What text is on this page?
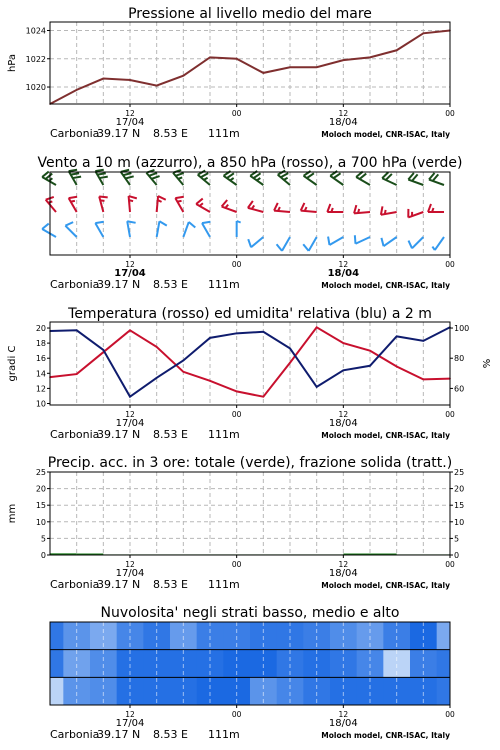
Pressione al livello medio del mare
1020
1022
1024
hPa
12	00	12	00
17/04	18/04
Carbonia
39.17 N 8.53 E 111m	Moloch model, CNR-ISAC, Italy
Vento a 10 m (azzurro), a 850 hPa (rosso), a 700 hPa (verde)
12	00	12	00
17/04	18/04
Carbonia
39.17 N 8.53 E 111m	Moloch model, CNR-ISAC, Italy
Temperatura (rosso) ed umidita' relativa (blu) a 2 m
10
12
14
16
18
20
60
80
100
gradi C	%
12	00	12	00
17/04	18/04
Carbonia
39.17 N 8.53 E 111m	Moloch model, CNR-ISAC, Italy
Precip. acc. in 3 ore: totale (verde), frazione solida (tratt.)
0	0
5	5
10	10
15	15
20	20
25	25
mm
12	00	12	00
17/04	18/04
Carbonia
39.17 N 8.53 E 111m	Moloch model, CNR-ISAC, Italy
Nuvolosita' negli strati basso, medio e alto
12	00	12	00
17/04	18/04
Carbonia
39.17 N 8.53 E 111m	Moloch model, CNR-ISAC, Italy
